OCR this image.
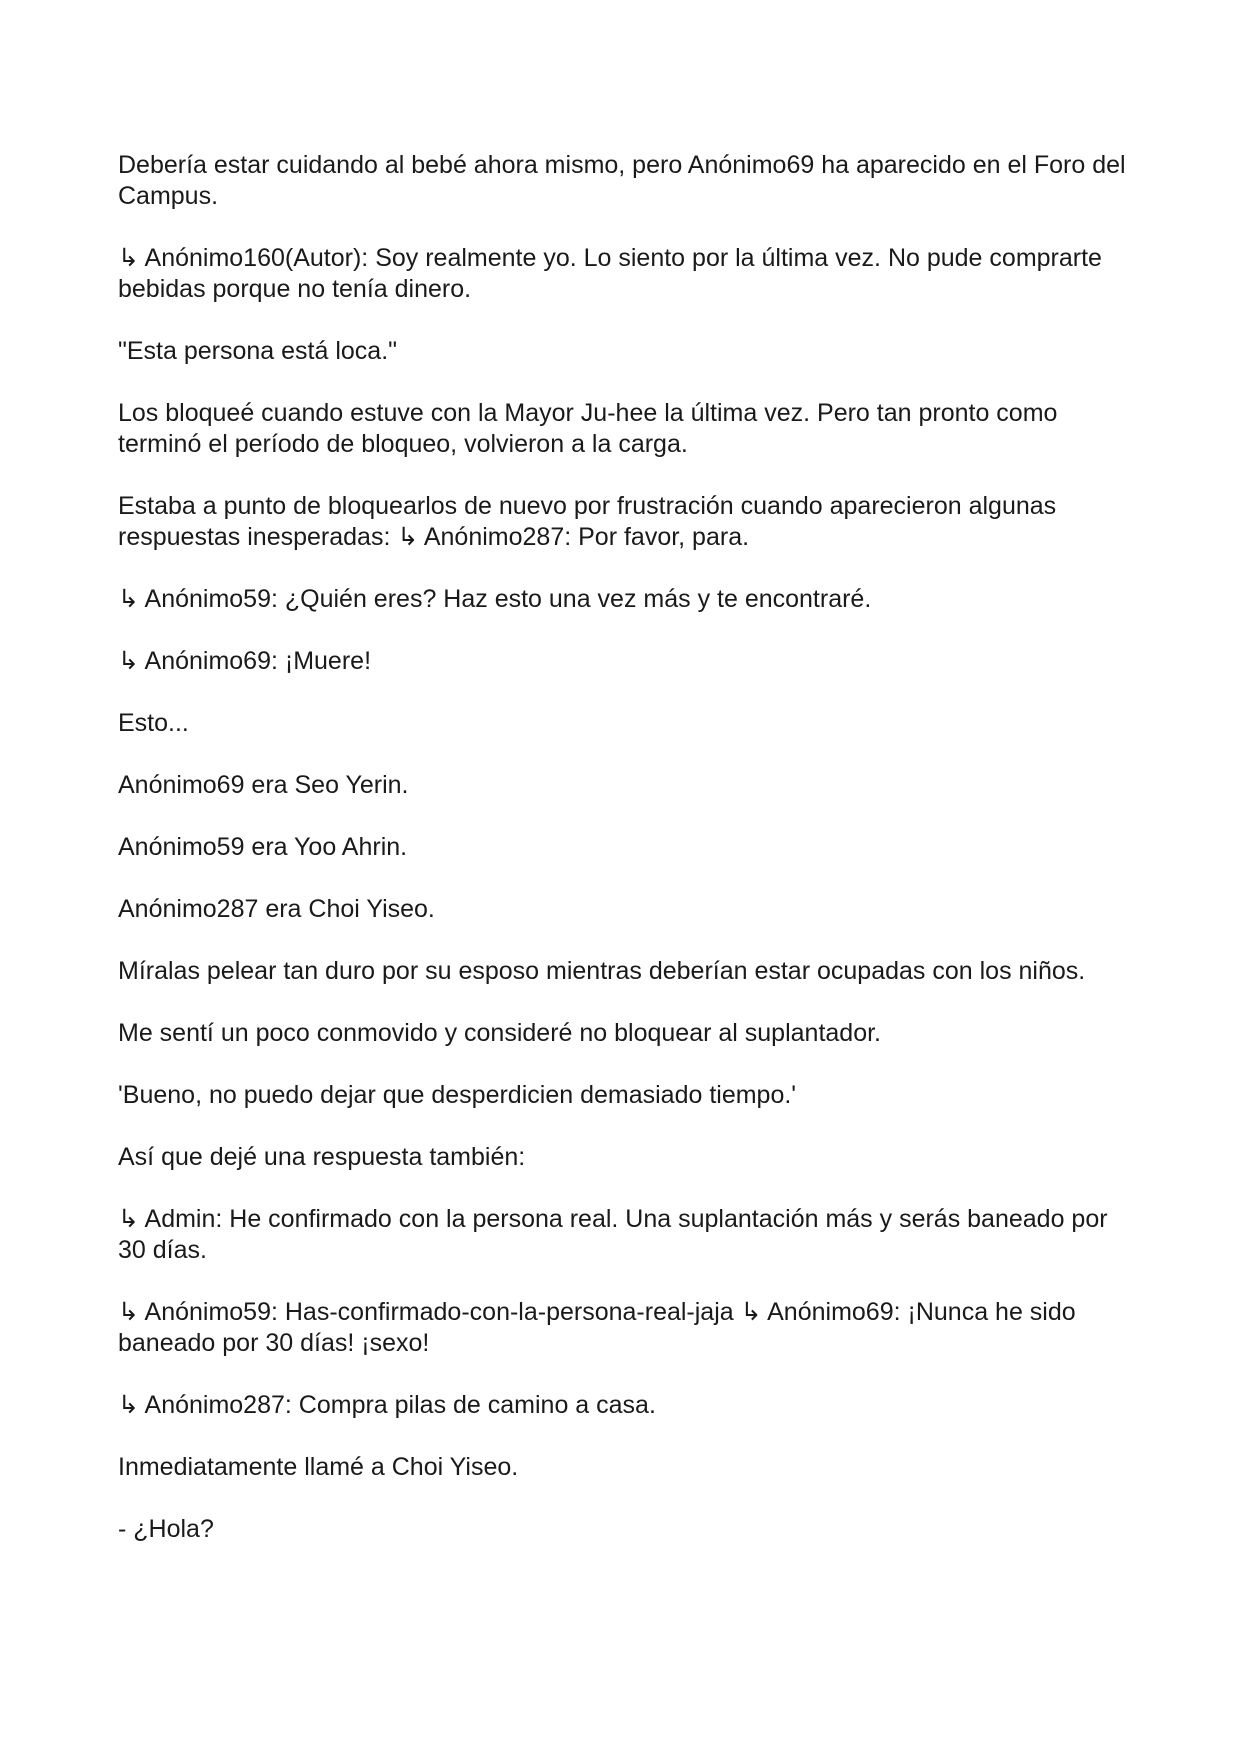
Debería estar cuidando al bebé ahora mismo, pero Anónimo69 ha aparecido en el Foro del Campus.

↳ Anónimo160(Autor): Soy realmente yo. Lo siento por la última vez. No pude comprarte bebidas porque no tenía dinero.

"Esta persona está loca."

Los bloqueé cuando estuve con la Mayor Ju-hee la última vez. Pero tan pronto como terminó el período de bloqueo, volvieron a la carga.

Estaba a punto de bloquearlos de nuevo por frustración cuando aparecieron algunas respuestas inesperadas: ↳ Anónimo287: Por favor, para.

↳ Anónimo59: ¿Quién eres? Haz esto una vez más y te encontraré.

↳ Anónimo69: ¡Muere!

Esto...

Anónimo69 era Seo Yerin.

Anónimo59 era Yoo Ahrin.

Anónimo287 era Choi Yiseo.

Míralas pelear tan duro por su esposo mientras deberían estar ocupadas con los niños.

Me sentí un poco conmovido y consideré no bloquear al suplantador.

'Bueno, no puedo dejar que desperdicien demasiado tiempo.'

Así que dejé una respuesta también:

↳ Admin: He confirmado con la persona real. Una suplantación más y serás baneado por 30 días.

↳ Anónimo59: Has-confirmado-con-la-persona-real-jaja ↳ Anónimo69: ¡Nunca he sido baneado por 30 días! ¡sexo!

↳ Anónimo287: Compra pilas de camino a casa.

Inmediatamente llamé a Choi Yiseo.

- ¿Hola?
